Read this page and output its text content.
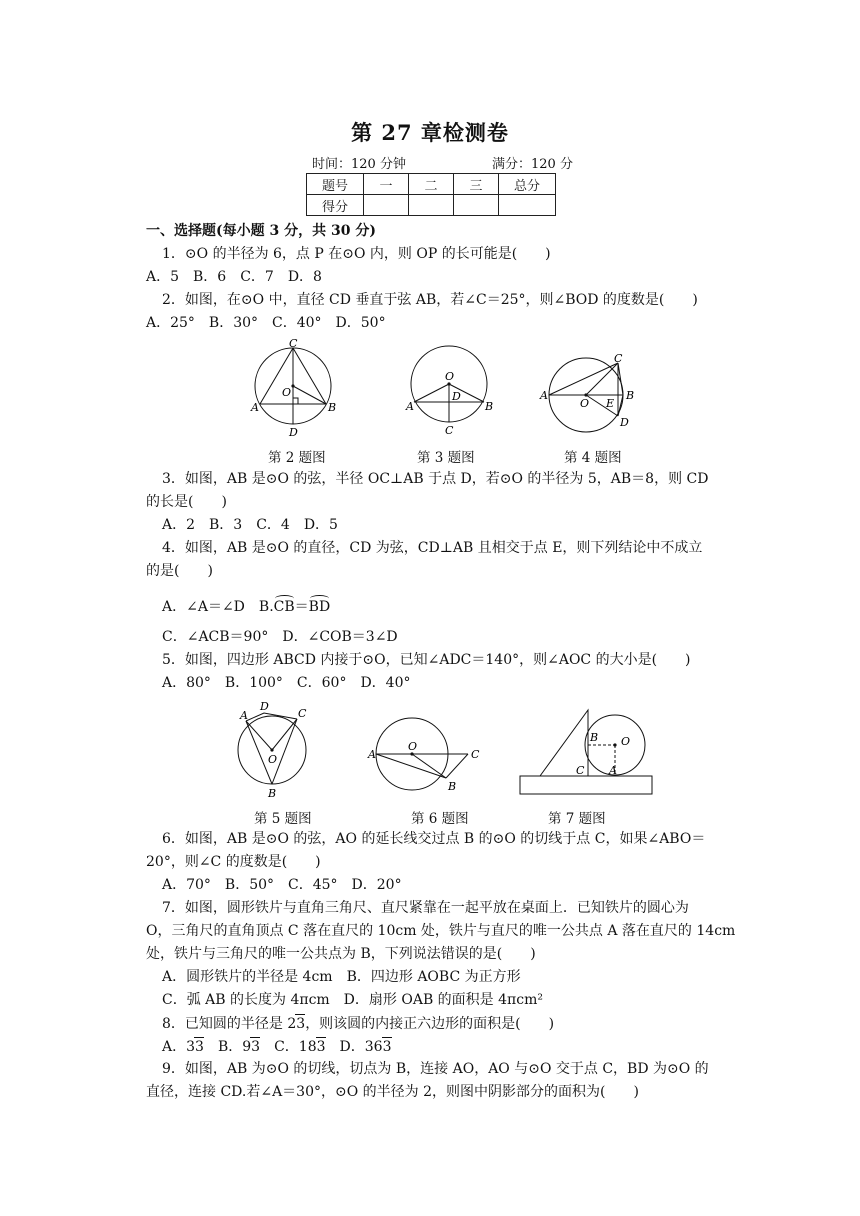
第 27 章检测卷
时间：120 分钟	满分：120 分
题号	一	二	三	总分
得分				
一、选择题(每小题 3 分，共 30 分)
1．⊙O 的半径为 6，点 P 在⊙O 内，则 OP 的长可能是(　　)
A．5　B．6　C．7　D．8
2．如图，在⊙O 中，直径 CD 垂直于弦 AB，若∠C＝25°，则∠BOD 的度数是(　　)
A．25°　B．30°　C．40°　D．50°
C
O
A	B
D
O
A
D
B
C
C
A
O E
B
D
第 2 题图	第 3 题图	第 4 题图
3．如图，AB 是⊙O 的弦，半径 OC⊥AB 于点 D，若⊙O 的半径为 5，AB＝8，则 CD
的长是(　　)
A．2　B．3　C．4　D．5
4．如图，AB 是⊙O 的直径，CD 为弦，CD⊥AB 且相交于点 E，则下列结论中不成立
的是(　　)
A．∠A＝∠D　B.CB＝BD
C．∠ACB＝90°　D．∠COB＝3∠D
5．如图，四边形 ABCD 内接于⊙O，已知∠ADC＝140°，则∠AOC 的大小是(　　)
A．80°　B．100°　C．60°　D．40°
A
D
C
O
B
A
O
C
B
B O
C A
第 5 题图	第 6 题图	第 7 题图
6．如图，AB 是⊙O 的弦，AO 的延长线交过点 B 的⊙O 的切线于点 C，如果∠ABO＝
20°，则∠C 的度数是(　　)
A．70°　B．50°　C．45°　D．20°
7．如图，圆形铁片与直角三角尺、直尺紧靠在一起平放在桌面上．已知铁片的圆心为
O，三角尺的直角顶点 C 落在直尺的 10cm 处，铁片与直尺的唯一公共点 A 落在直尺的 14cm
处，铁片与三角尺的唯一公共点为 B，下列说法错误的是(　　)
A．圆形铁片的半径是 4cm　B．四边形 AOBC 为正方形
C．弧 AB 的长度为 4πcm　D．扇形 OAB 的面积是 4πcm²
8．已知圆的半径是 23，则该圆的内接正六边形的面积是(　　)
A．33　B．93　C．183　D．363
9．如图，AB 为⊙O 的切线，切点为 B，连接 AO，AO 与⊙O 交于点 C，BD 为⊙O 的
直径，连接 CD.若∠A＝30°，⊙O 的半径为 2，则图中阴影部分的面积为(　　)
